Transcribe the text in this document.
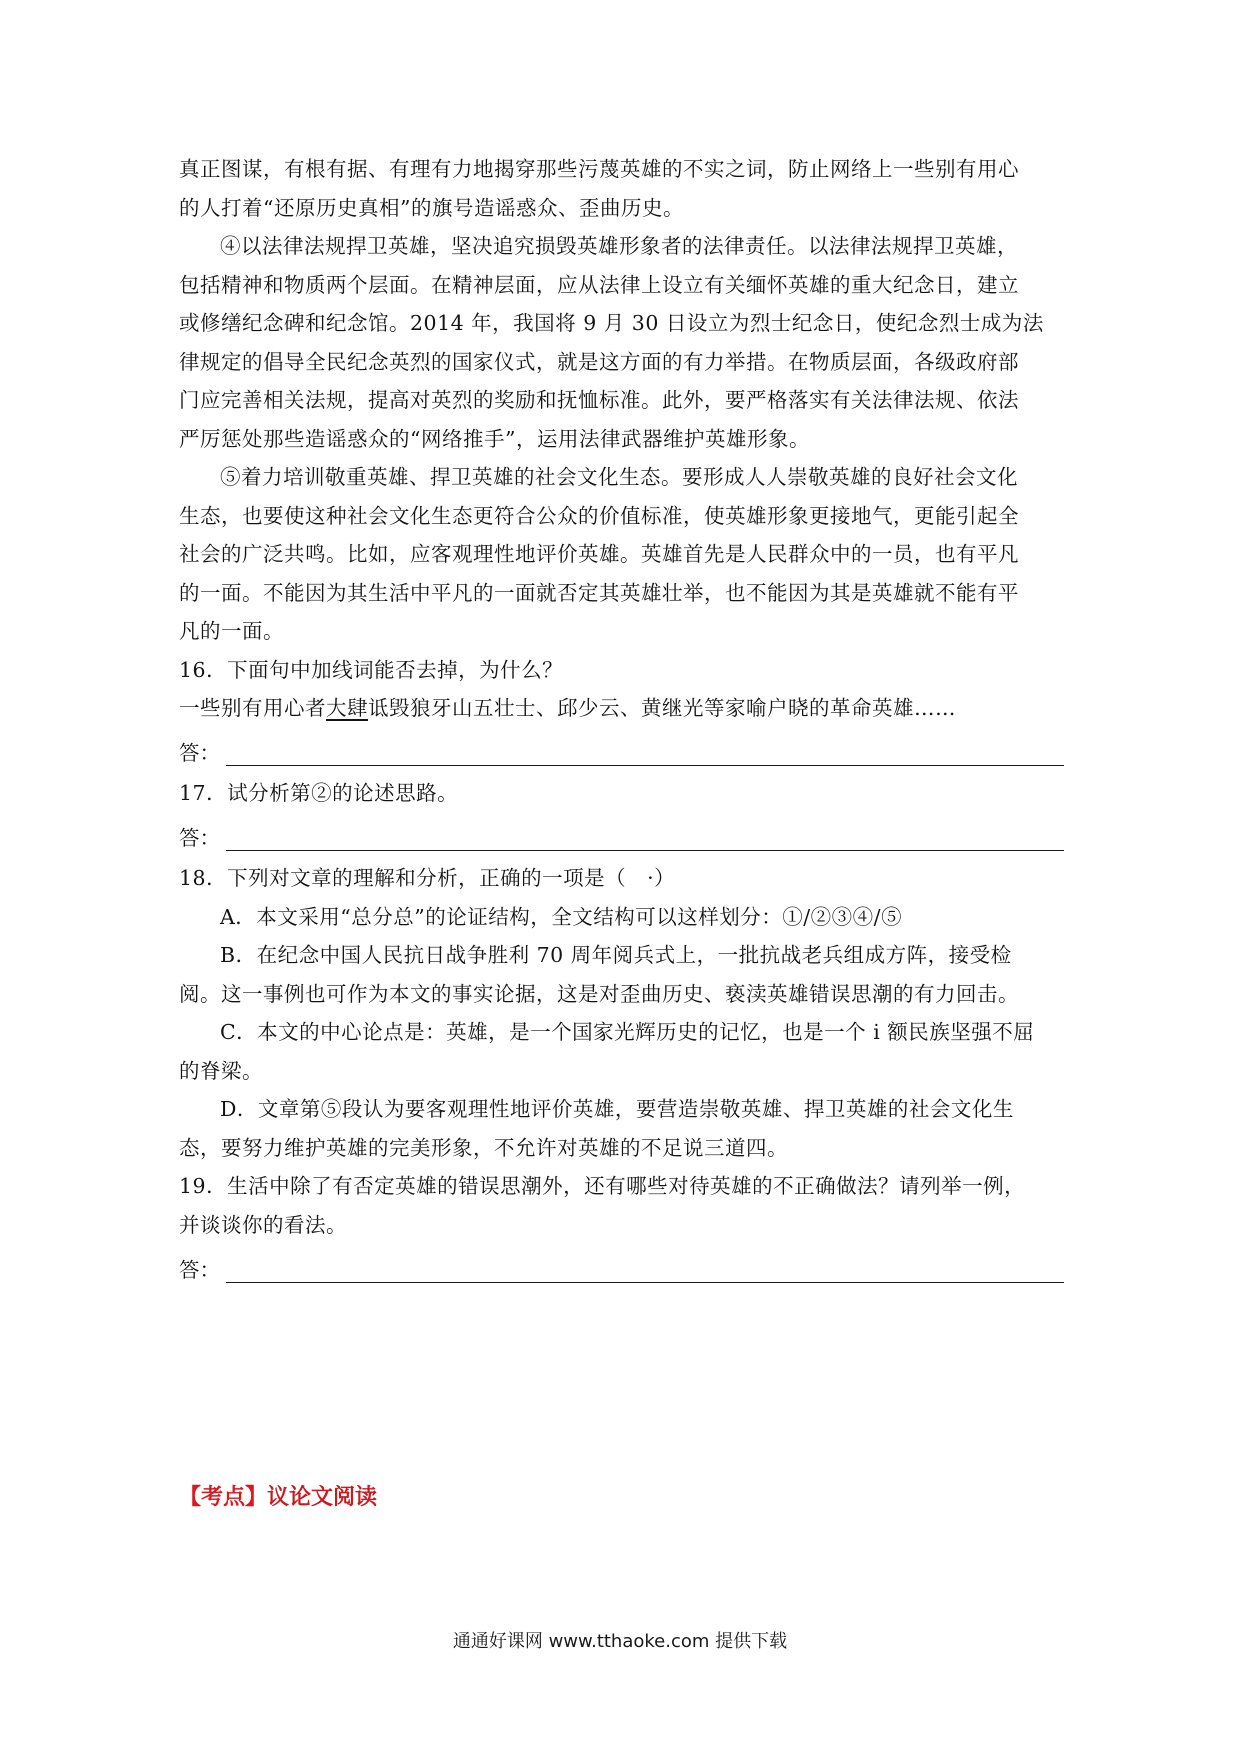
真正图谋，有根有据、有理有力地揭穿那些污蔑英雄的不实之词，防止网络上一些别有用心
的人打着“还原历史真相”的旗号造谣惑众、歪曲历史。
④以法律法规捍卫英雄，坚决追究损毁英雄形象者的法律责任。以法律法规捍卫英雄，
包括精神和物质两个层面。在精神层面，应从法律上设立有关缅怀英雄的重大纪念日，建立
或修缮纪念碑和纪念馆。2014 年，我国将 9 月 30 日设立为烈士纪念日，使纪念烈士成为法
律规定的倡导全民纪念英烈的国家仪式，就是这方面的有力举措。在物质层面，各级政府部
门应完善相关法规，提高对英烈的奖励和抚恤标准。此外，要严格落实有关法律法规、依法
严厉惩处那些造谣惑众的“网络推手”，运用法律武器维护英雄形象。
⑤着力培训敬重英雄、捍卫英雄的社会文化生态。要形成人人崇敬英雄的良好社会文化
生态，也要使这种社会文化生态更符合公众的价值标准，使英雄形象更接地气，更能引起全
社会的广泛共鸣。比如，应客观理性地评价英雄。英雄首先是人民群众中的一员，也有平凡
的一面。不能因为其生活中平凡的一面就否定其英雄壮举，也不能因为其是英雄就不能有平
凡的一面。
16．下面句中加线词能否去掉，为什么？
一些别有用心者大肆诋毁狼牙山五壮士、邱少云、黄继光等家喻户晓的革命英雄……
答：
17．试分析第②的论述思路。
答：
18．下列对文章的理解和分析，正确的一项是（　·）
A．本文采用“总分总”的论证结构，全文结构可以这样划分：①/②③④/⑤
B．在纪念中国人民抗日战争胜利 70 周年阅兵式上，一批抗战老兵组成方阵，接受检
阅。这一事例也可作为本文的事实论据，这是对歪曲历史、亵渎英雄错误思潮的有力回击。
C．本文的中心论点是：英雄，是一个国家光辉历史的记忆，也是一个 i 额民族坚强不屈
的脊梁。
D．文章第⑤段认为要客观理性地评价英雄，要营造崇敬英雄、捍卫英雄的社会文化生
态，要努力维护英雄的完美形象，不允许对英雄的不足说三道四。
19．生活中除了有否定英雄的错误思潮外，还有哪些对待英雄的不正确做法？请列举一例，
并谈谈你的看法。
答：
【考点】议论文阅读
通通好课网 www.tthaoke.com 提供下载
